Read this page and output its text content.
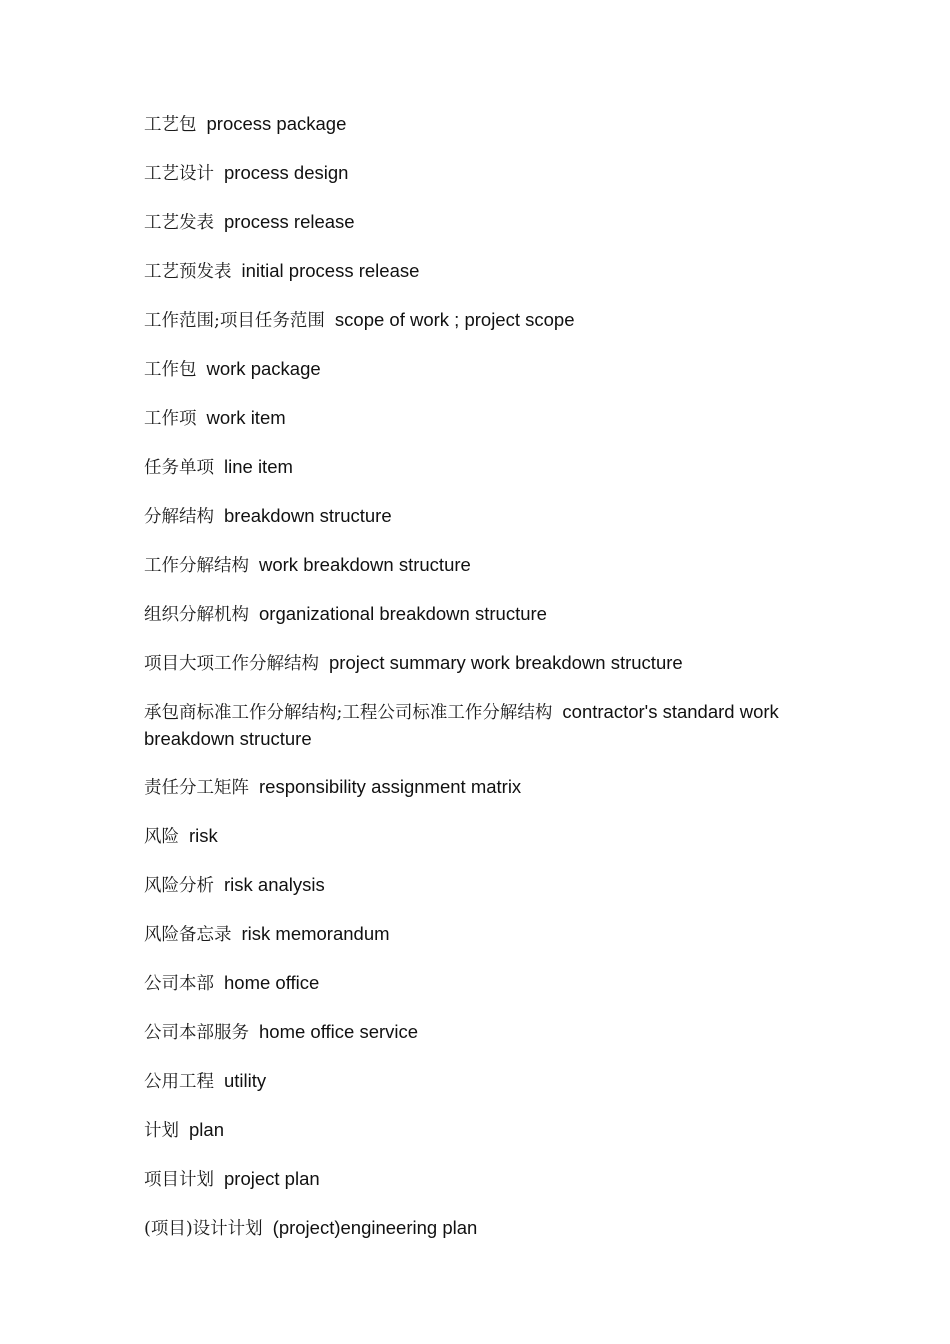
工艺包 process package
工艺设计 process design
工艺发表 process release
工艺预发表 initial process release
工作范围;项目任务范围 scope of work ; project scope
工作包 work package
工作项 work item
任务单项 line item
分解结构 breakdown structure
工作分解结构 work breakdown structure
组织分解机构 organizational breakdown structure
项目大项工作分解结构 project summary work breakdown structure
承包商标准工作分解结构;工程公司标准工作分解结构 contractor's standard work breakdown structure
责任分工矩阵 responsibility assignment matrix
风险 risk
风险分析 risk analysis
风险备忘录 risk memorandum
公司本部 home office
公司本部服务 home office service
公用工程 utility
计划 plan
项目计划 project plan
(项目)设计计划 (project)engineering plan
